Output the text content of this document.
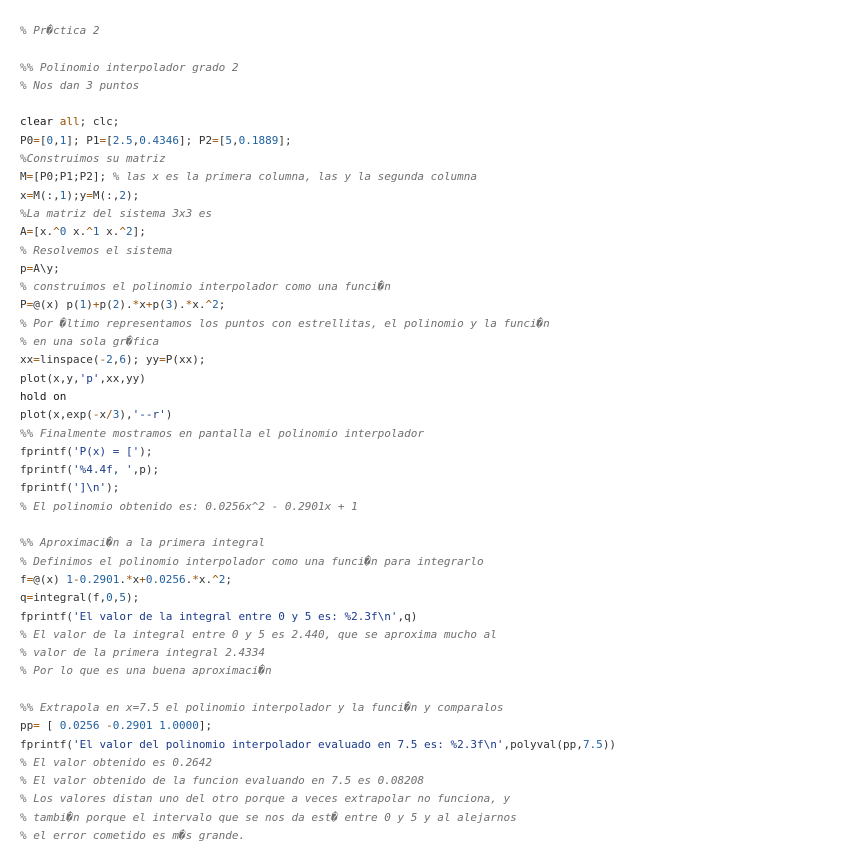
% Pr�ctica 2
%% Polinomio interpolador grado 2
% Nos dan 3 puntos
clear all; clc;
P0=[0,1]; P1=[2.5,0.4346]; P2=[5,0.1889];
%Construimos su matriz
M=[P0;P1;P2]; % las x es la primera columna, las y la segunda columna
x=M(:,1);y=M(:,2);
%La matriz del sistema 3x3 es
A=[x.^0 x.^1 x.^2];
% Resolvemos el sistema
p=A\y;
% construimos el polinomio interpolador como una funci�n
P=@(x) p(1)+p(2).*x+p(3).*x.^2;
% Por �ltimo representamos los puntos con estrellitas, el polinomio y la funci�n
% en una sola gr�fica
xx=linspace(-2,6); yy=P(xx);
plot(x,y,'p',xx,yy)
hold on
plot(x,exp(-x/3),'--r')
%% Finalmente mostramos en pantalla el polinomio interpolador
fprintf('P(x) = [');
fprintf('%4.4f, ',p);
fprintf(']\n');
% El polinomio obtenido es: 0.0256x^2 - 0.2901x + 1
%% Aproximaci�n a la primera integral
% Definimos el polinomio interpolador como una funci�n para integrarlo
f=@(x) 1-0.2901.*x+0.0256.*x.^2;
q=integral(f,0,5);
fprintf('El valor de la integral entre 0 y 5 es: %2.3f\n',q)
% El valor de la integral entre 0 y 5 es 2.440, que se aproxima mucho al
% valor de la primera integral 2.4334
% Por lo que es una buena aproximaci�n
%% Extrapola en x=7.5 el polinomio interpolador y la funci�n y comparalos
pp= [ 0.0256 -0.2901 1.0000];
fprintf('El valor del polinomio interpolador evaluado en 7.5 es: %2.3f\n',polyval(pp,7.5))
% El valor obtenido es 0.2642
% El valor obtenido de la funcion evaluando en 7.5 es 0.08208
% Los valores distan uno del otro porque a veces extrapolar no funciona, y
% tambi�n porque el intervalo que se nos da est� entre 0 y 5 y al alejarnos
% el error cometido es m�s grande.
